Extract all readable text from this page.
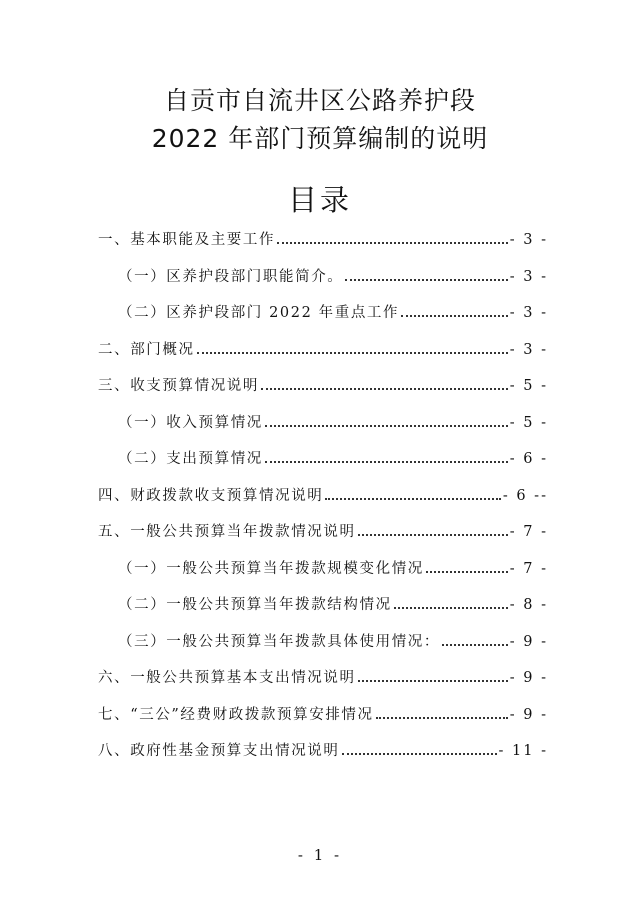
自贡市自流井区公路养护段
2022 年部门预算编制的说明
目录
一、基本职能及主要工作	- 3 -
（一）区养护段部门职能简介。	- 3 -
（二）区养护段部门 2022 年重点工作	- 3 -
二、部门概况	- 3 -
三、收支预算情况说明	- 5 -
（一）收入预算情况	- 5 -
（二）支出预算情况	- 6 -
四、财政拨款收支预算情况说明	- 6 --
五、一般公共预算当年拨款情况说明	- 7 -
（一）一般公共预算当年拨款规模变化情况	- 7 -
（二）一般公共预算当年拨款结构情况	- 8 -
（三）一般公共预算当年拨款具体使用情况：	- 9 -
六、一般公共预算基本支出情况说明	- 9 -
七、“三公”经费财政拨款预算安排情况	- 9 -
八、政府性基金预算支出情况说明	- 11 -
- 1 -
